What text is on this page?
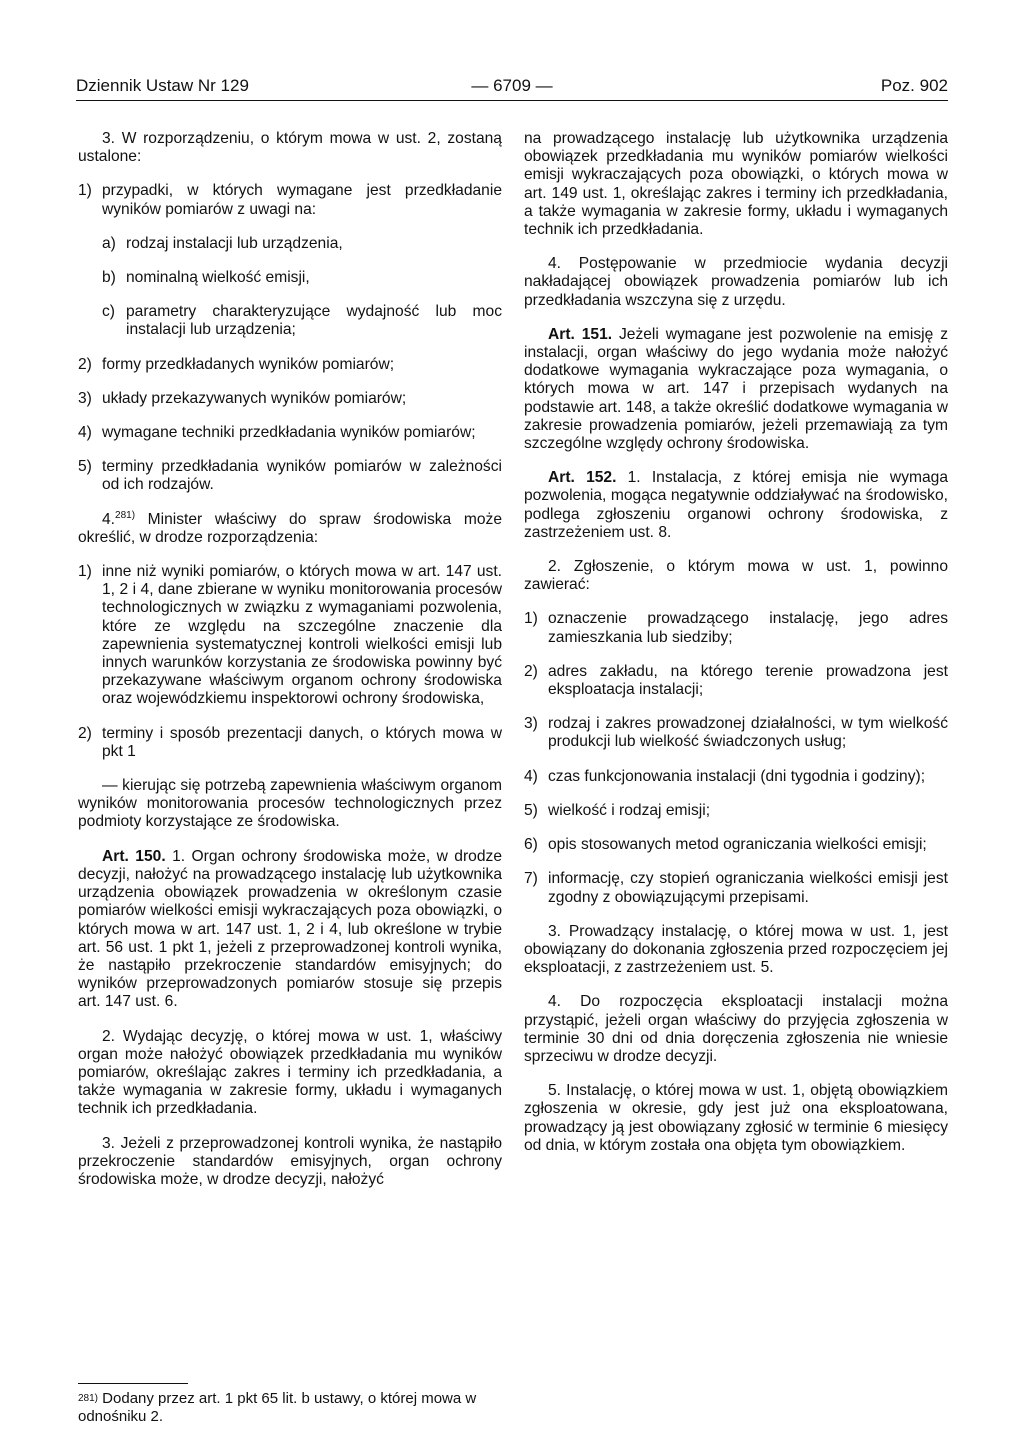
Dziennik Ustaw Nr 129	— 6709 —	Poz. 902

3. W rozporządzeniu, o którym mowa w ust. 2, zostaną ustalone:

1) przypadki, w których wymagane jest przedkładanie wyników pomiarów z uwagi na:
a) rodzaj instalacji lub urządzenia,
b) nominalną wielkość emisji,
c) parametry charakteryzujące wydajność lub moc instalacji lub urządzenia;
2) formy przedkładanych wyników pomiarów;
3) układy przekazywanych wyników pomiarów;
4) wymagane techniki przedkładania wyników pomiarów;
5) terminy przedkładania wyników pomiarów w zależności od ich rodzajów.

4.$^{281)}$ Minister właściwy do spraw środowiska może określić, w drodze rozporządzenia:

1) inne niż wyniki pomiarów, o których mowa w art. 147 ust. 1, 2 i 4, dane zbierane w wyniku monitorowania procesów technologicznych w związku z wymaganiami pozwolenia, które ze względu na szczególne znaczenie dla zapewnienia systematycznej kontroli wielkości emisji lub innych warunków korzystania ze środowiska powinny być przekazywane właściwym organom ochrony środowiska oraz wojewódzkiemu inspektorowi ochrony środowiska,
2) terminy i sposób prezentacji danych, o których mowa w pkt 1

— kierując się potrzebą zapewnienia właściwym organom wyników monitorowania procesów technologicznych przez podmioty korzystające ze środowiska.

Art. 150. 1. Organ ochrony środowiska może, w drodze decyzji, nałożyć na prowadzącego instalację lub użytkownika urządzenia obowiązek prowadzenia w określonym czasie pomiarów wielkości emisji wykraczających poza obowiązki, o których mowa w art. 147 ust. 1, 2 i 4, lub określone w trybie art. 56 ust. 1 pkt 1, jeżeli z przeprowadzonej kontroli wynika, że nastąpiło przekroczenie standardów emisyjnych; do wyników przeprowadzonych pomiarów stosuje się przepis art. 147 ust. 6.

2. Wydając decyzję, o której mowa w ust. 1, właściwy organ może nałożyć obowiązek przedkładania mu wyników pomiarów, określając zakres i terminy ich przedkładania, a także wymagania w zakresie formy, układu i wymaganych technik ich przedkładania.

3. Jeżeli z przeprowadzonej kontroli wynika, że nastąpiło przekroczenie standardów emisyjnych, organ ochrony środowiska może, w drodze decyzji, nałożyć

na prowadzącego instalację lub użytkownika urządzenia obowiązek przedkładania mu wyników pomiarów wielkości emisji wykraczających poza obowiązki, o których mowa w art. 149 ust. 1, określając zakres i terminy ich przedkładania, a także wymagania w zakresie formy, układu i wymaganych technik ich przedkładania.

4. Postępowanie w przedmiocie wydania decyzji nakładającej obowiązek prowadzenia pomiarów lub ich przedkładania wszczyna się z urzędu.

Art. 151. Jeżeli wymagane jest pozwolenie na emisję z instalacji, organ właściwy do jego wydania może nałożyć dodatkowe wymagania wykraczające poza wymagania, o których mowa w art. 147 i przepisach wydanych na podstawie art. 148, a także określić dodatkowe wymagania w zakresie prowadzenia pomiarów, jeżeli przemawiają za tym szczególne względy ochrony środowiska.

Art. 152. 1. Instalacja, z której emisja nie wymaga pozwolenia, mogąca negatywnie oddziaływać na środowisko, podlega zgłoszeniu organowi ochrony środowiska, z zastrzeżeniem ust. 8.

2. Zgłoszenie, o którym mowa w ust. 1, powinno zawierać:

1) oznaczenie prowadzącego instalację, jego adres zamieszkania lub siedziby;
2) adres zakładu, na którego terenie prowadzona jest eksploatacja instalacji;
3) rodzaj i zakres prowadzonej działalności, w tym wielkość produkcji lub wielkość świadczonych usług;
4) czas funkcjonowania instalacji (dni tygodnia i godziny);
5) wielkość i rodzaj emisji;
6) opis stosowanych metod ograniczania wielkości emisji;
7) informację, czy stopień ograniczania wielkości emisji jest zgodny z obowiązującymi przepisami.

3. Prowadzący instalację, o której mowa w ust. 1, jest obowiązany do dokonania zgłoszenia przed rozpoczęciem jej eksploatacji, z zastrzeżeniem ust. 5.

4. Do rozpoczęcia eksploatacji instalacji można przystąpić, jeżeli organ właściwy do przyjęcia zgłoszenia w terminie 30 dni od dnia doręczenia zgłoszenia nie wniesie sprzeciwu w drodze decyzji.

5. Instalację, o której mowa w ust. 1, objętą obowiązkiem zgłoszenia w okresie, gdy jest już ona eksploatowana, prowadzący ją jest obowiązany zgłosić w terminie 6 miesięcy od dnia, w którym została ona objęta tym obowiązkiem.

$^{281)}$ Dodany przez art. 1 pkt 65 lit. b ustawy, o której mowa w odnośniku 2.
